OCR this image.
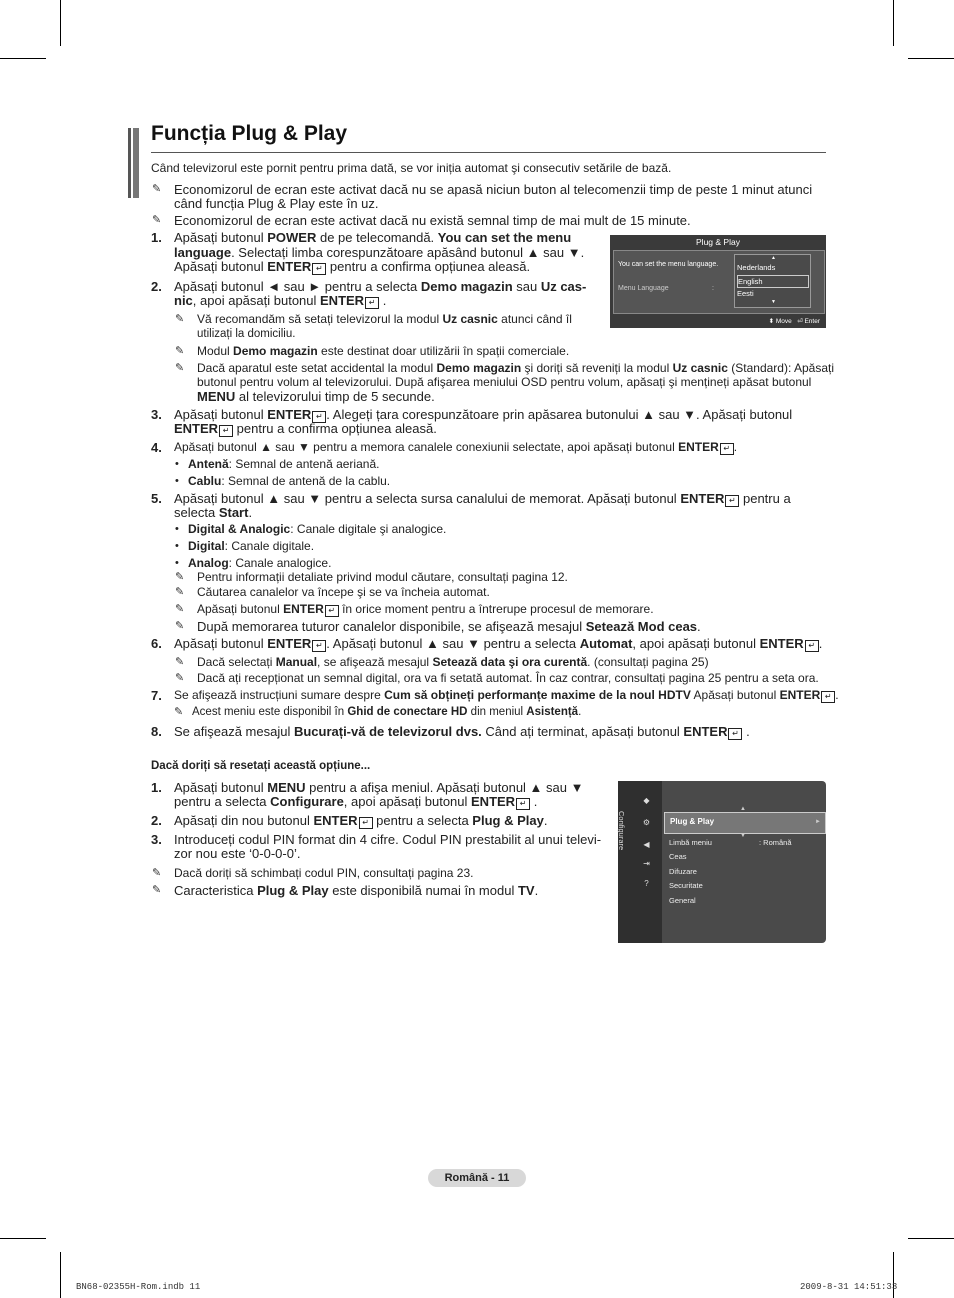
Funcția Plug & Play
Când televizorul este pornit pentru prima dată, se vor iniția automat şi consecutiv setările de bază.
✎ Economizorul de ecran este activat dacă nu se apasă niciun buton al telecomenzii timp de peste 1 minut atunci
când funcția Plug & Play este în uz.
✎ Economizorul de ecran este activat dacă nu există semnal timp de mai mult de 15 minute.
1. Apăsați butonul POWER de pe telecomandă. You can set the menu
language. Selectați limba corespunzătoare apăsând butonul ▲ sau ▼.
Apăsați butonul ENTER ↵ pentru a confirma opțiunea aleasă.
2. Apăsați butonul ◄ sau ► pentru a selecta Demo magazin sau Uz cas-
nic, apoi apăsați butonul ENTER ↵ .
✎ Vă recomandăm să setați televizorul la modul Uz casnic atunci când îl
utilizați la domiciliu.
✎ Modul Demo magazin este destinat doar utilizării în spații comerciale.
✎ Dacă aparatul este setat accidental la modul Demo magazin şi doriți să reveniți la modul Uz casnic (Standard): Apăsați
butonul pentru volum al televizorului. După afişarea meniului OSD pentru volum, apăsați şi mențineți apăsat butonul
MENU al televizorului timp de 5 secunde.
Plug & Play
You can set the menu language.
Menu Language	:
▲
Nederlands
English
Eesti
▼
⬍ Move ⏎ Enter
3. Apăsați butonul ENTER ↵ . Alegeți țara corespunzătoare prin apăsarea butonului ▲ sau ▼. Apăsați butonul
ENTER ↵ pentru a confirma opțiunea aleasă.
4. Apăsați butonul ▲ sau ▼ pentru a memora canalele conexiunii selectate, apoi apăsați butonul ENTER ↵ .
• Antenă: Semnal de antenă aeriană.
• Cablu: Semnal de antenă de la cablu.
5. Apăsați butonul ▲ sau ▼ pentru a selecta sursa canalului de memorat. Apăsați butonul ENTER ↵ pentru a
selecta Start.
• Digital & Analogic: Canale digitale şi analogice.
• Digital: Canale digitale.
• Analog: Canale analogice.
✎ Pentru informații detaliate privind modul căutare, consultați pagina 12.
✎ Căutarea canalelor va începe şi se va încheia automat.
✎ Apăsați butonul ENTER ↵ în orice moment pentru a întrerupe procesul de memorare.
✎ După memorarea tuturor canalelor disponibile, se afişează mesajul Setează Mod ceas.
6. Apăsați butonul ENTER ↵ . Apăsați butonul ▲ sau ▼ pentru a selecta Automat, apoi apăsați butonul ENTER ↵ .
✎ Dacă selectați Manual, se afişează mesajul Setează data şi ora curentă. (consultați pagina 25)
✎ Dacă ați recepționat un semnal digital, ora va fi setată automat. În caz contrar, consultați pagina 25 pentru a seta ora.
7. Se afişează instrucțiuni sumare despre Cum să obțineți performanțe maxime de la noul HDTV Apăsați butonul ENTER ↵ .
✎ Acest meniu este disponibil în Ghid de conectare HD din meniul Asistență.
8. Se afişează mesajul Bucurați-vă de televizorul dvs. Când ați terminat, apăsați butonul ENTER ↵ .
Dacă doriți să resetați această opțiune...
1. Apăsați butonul MENU pentru a afişa meniul. Apăsați butonul ▲ sau ▼
pentru a selecta Configurare, apoi apăsați butonul ENTER ↵ .
2. Apăsați din nou butonul ENTER ↵ pentru a selecta Plug & Play.
3. Introduceți codul PIN format din 4 cifre. Codul PIN prestabilit al unui televi-
zor nou este ‘0-0-0-0’.
✎ Dacă doriți să schimbați codul PIN, consultați pagina 23.
✎ Caracteristica Plug & Play este disponibilă numai în modul TV.
Configurare
◆
⚙
◀
⇥
?
▲
Plug & Play	►
▼
Limbă meniu	: Română
Ceas
Difuzare
Securitate
General
Română - 11
BN68-02355H-Rom.indb 11	2009-8-31 14:51:33
